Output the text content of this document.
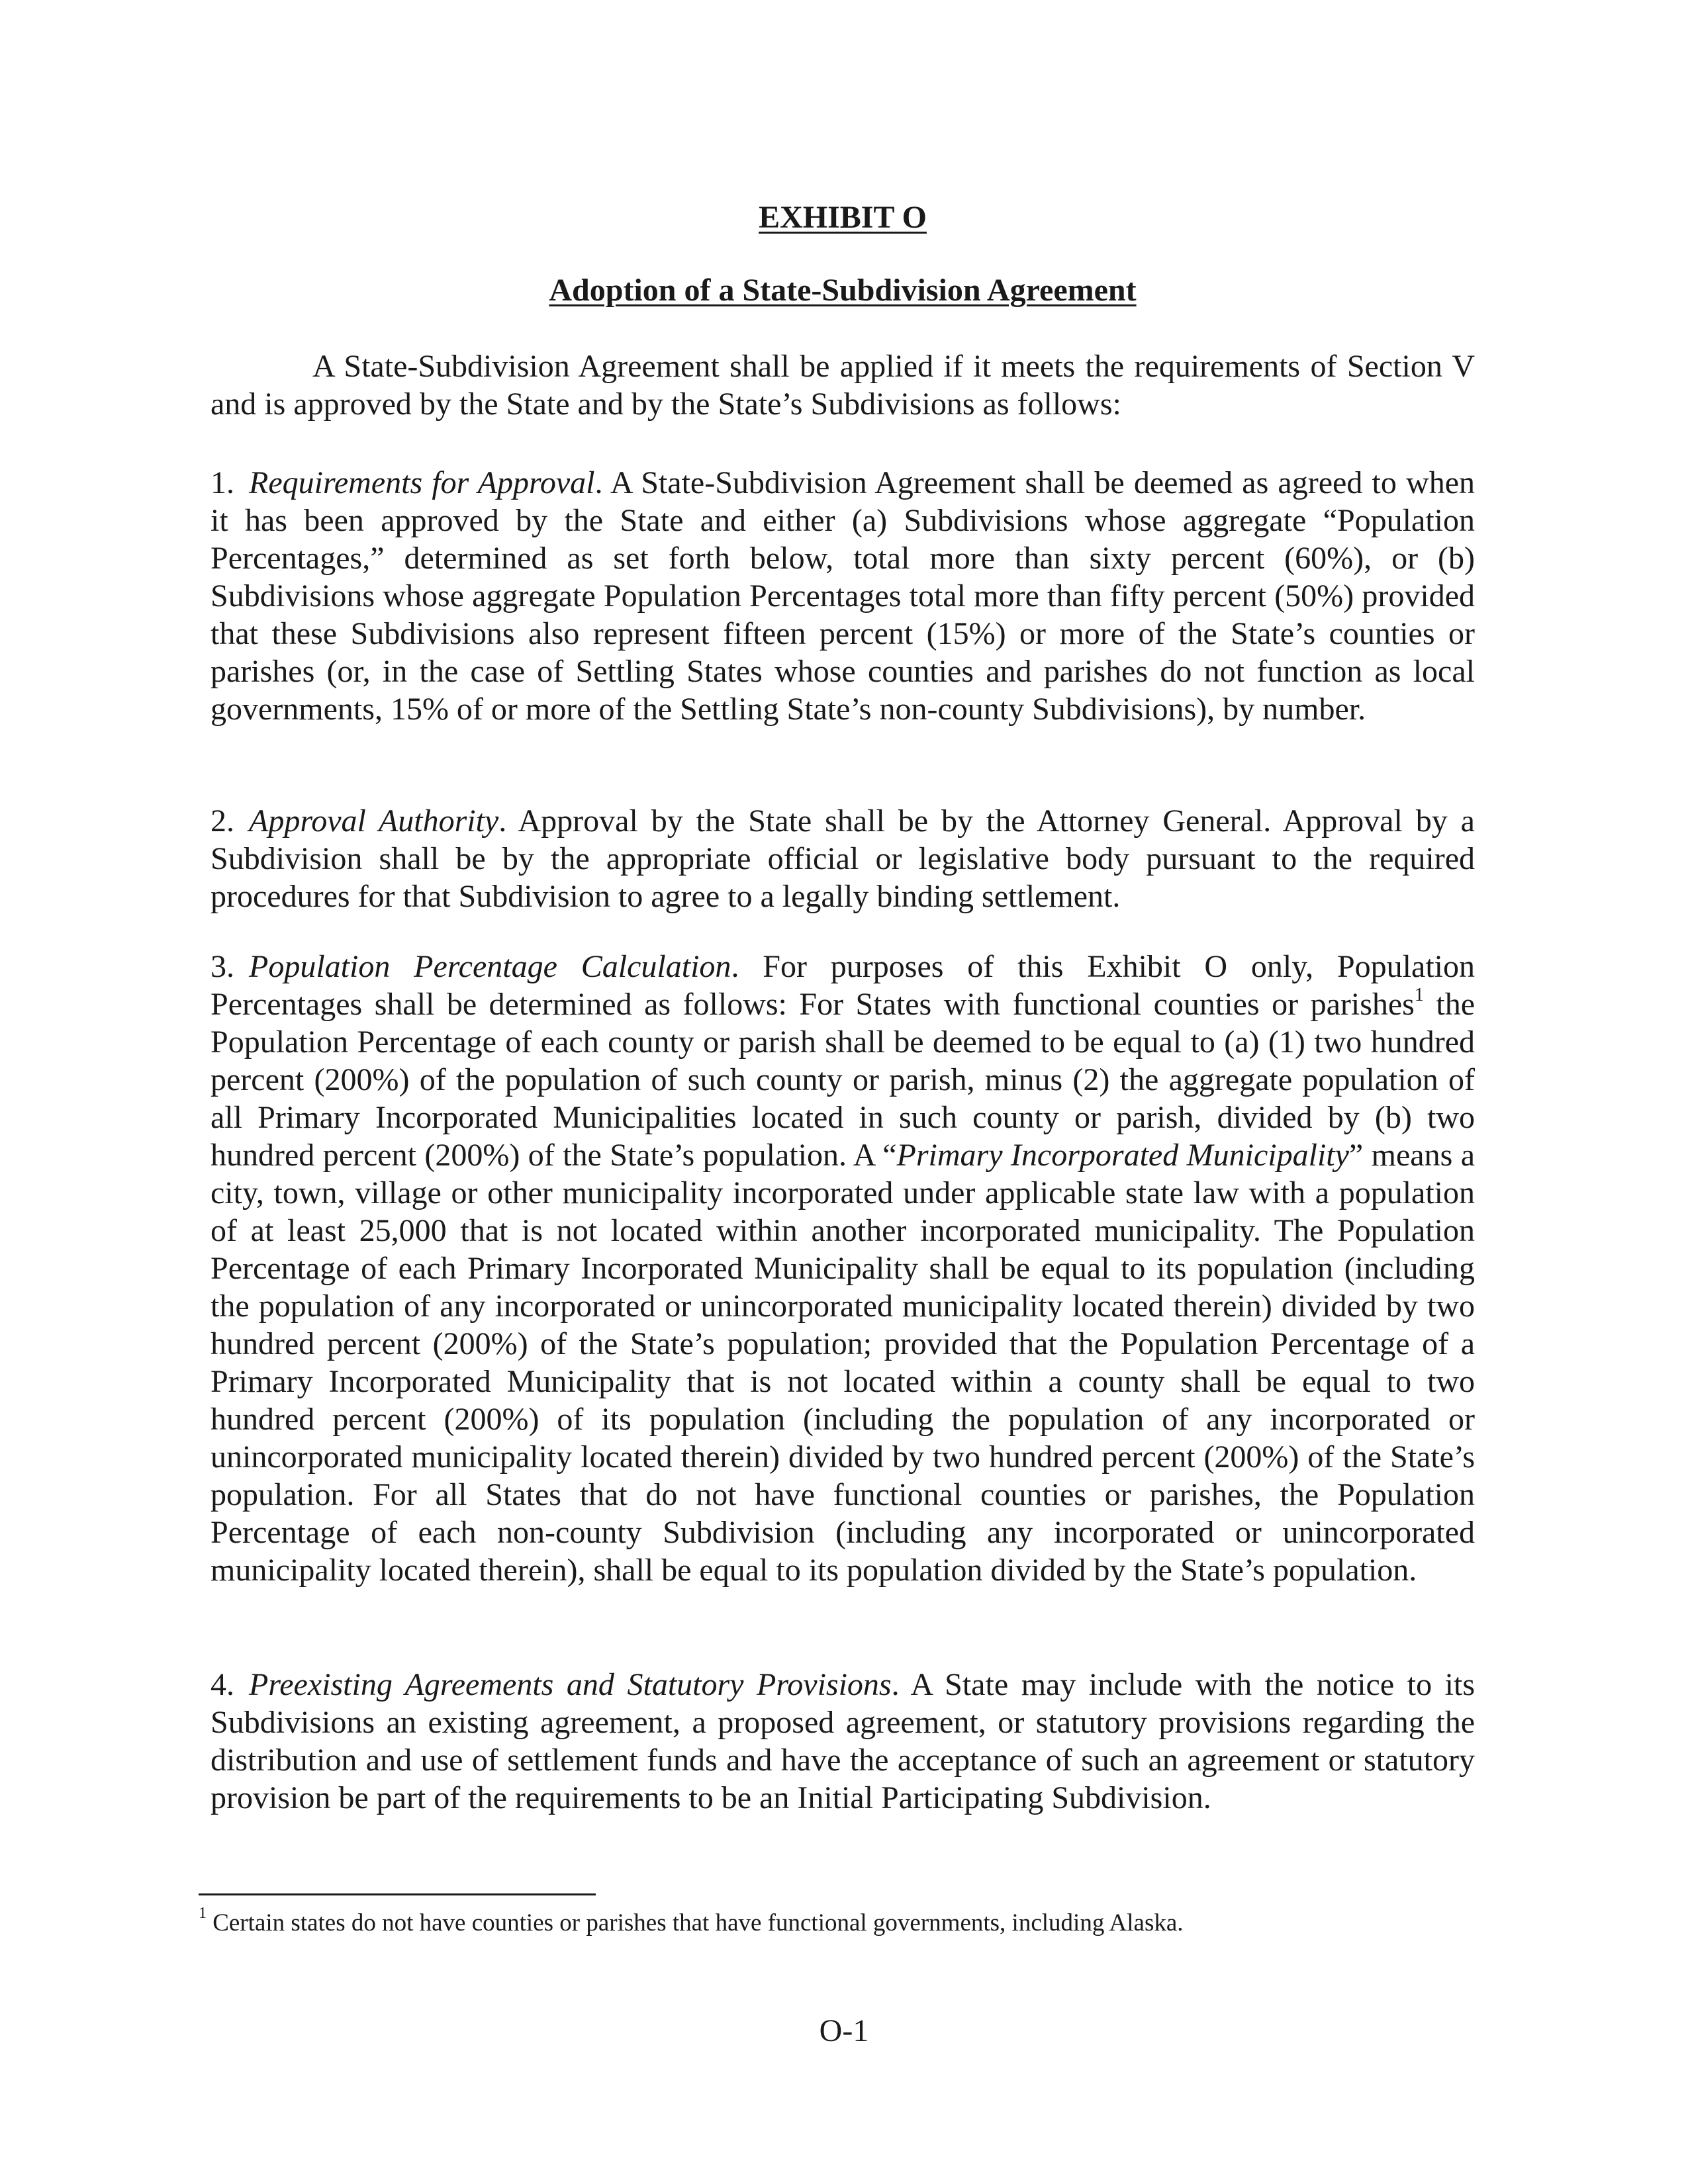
EXHIBIT O
Adoption of a State-Subdivision Agreement

A State-Subdivision Agreement shall be applied if it meets the requirements of Section V and is approved by the State and by the State’s Subdivisions as follows:

1. Requirements for Approval. A State-Subdivision Agreement shall be deemed as agreed to when it has been approved by the State and either (a) Subdivisions whose aggregate “Population Percentages,” determined as set forth below, total more than sixty percent (60%), or (b) Subdivisions whose aggregate Population Percentages total more than fifty percent (50%) provided that these Subdivisions also represent fifteen percent (15%) or more of the State’s counties or parishes (or, in the case of Settling States whose counties and parishes do not function as local governments, 15% of or more of the Settling State’s non-county Subdivisions), by number.

2. Approval Authority. Approval by the State shall be by the Attorney General. Approval by a Subdivision shall be by the appropriate official or legislative body pursuant to the required procedures for that Subdivision to agree to a legally binding settlement.

3. Population Percentage Calculation. For purposes of this Exhibit O only, Population Percentages shall be determined as follows: For States with functional counties or parishes$^1$ the Population Percentage of each county or parish shall be deemed to be equal to (a) (1) two hundred percent (200%) of the population of such county or parish, minus (2) the aggregate population of all Primary Incorporated Municipalities located in such county or parish, divided by (b) two hundred percent (200%) of the State’s population. A “Primary Incorporated Municipality” means a city, town, village or other municipality incorporated under applicable state law with a population of at least 25,000 that is not located within another incorporated municipality. The Population Percentage of each Primary Incorporated Municipality shall be equal to its population (including the population of any incorporated or unincorporated municipality located therein) divided by two hundred percent (200%) of the State’s population; provided that the Population Percentage of a Primary Incorporated Municipality that is not located within a county shall be equal to two hundred percent (200%) of its population (including the population of any incorporated or unincorporated municipality located therein) divided by two hundred percent (200%) of the State’s population. For all States that do not have functional counties or parishes, the Population Percentage of each non-county Subdivision (including any incorporated or unincorporated municipality located therein), shall be equal to its population divided by the State’s population.

4. Preexisting Agreements and Statutory Provisions. A State may include with the notice to its Subdivisions an existing agreement, a proposed agreement, or statutory provisions regarding the distribution and use of settlement funds and have the acceptance of such an agreement or statutory provision be part of the requirements to be an Initial Participating Subdivision.

$^1$ Certain states do not have counties or parishes that have functional governments, including Alaska.

O-1
